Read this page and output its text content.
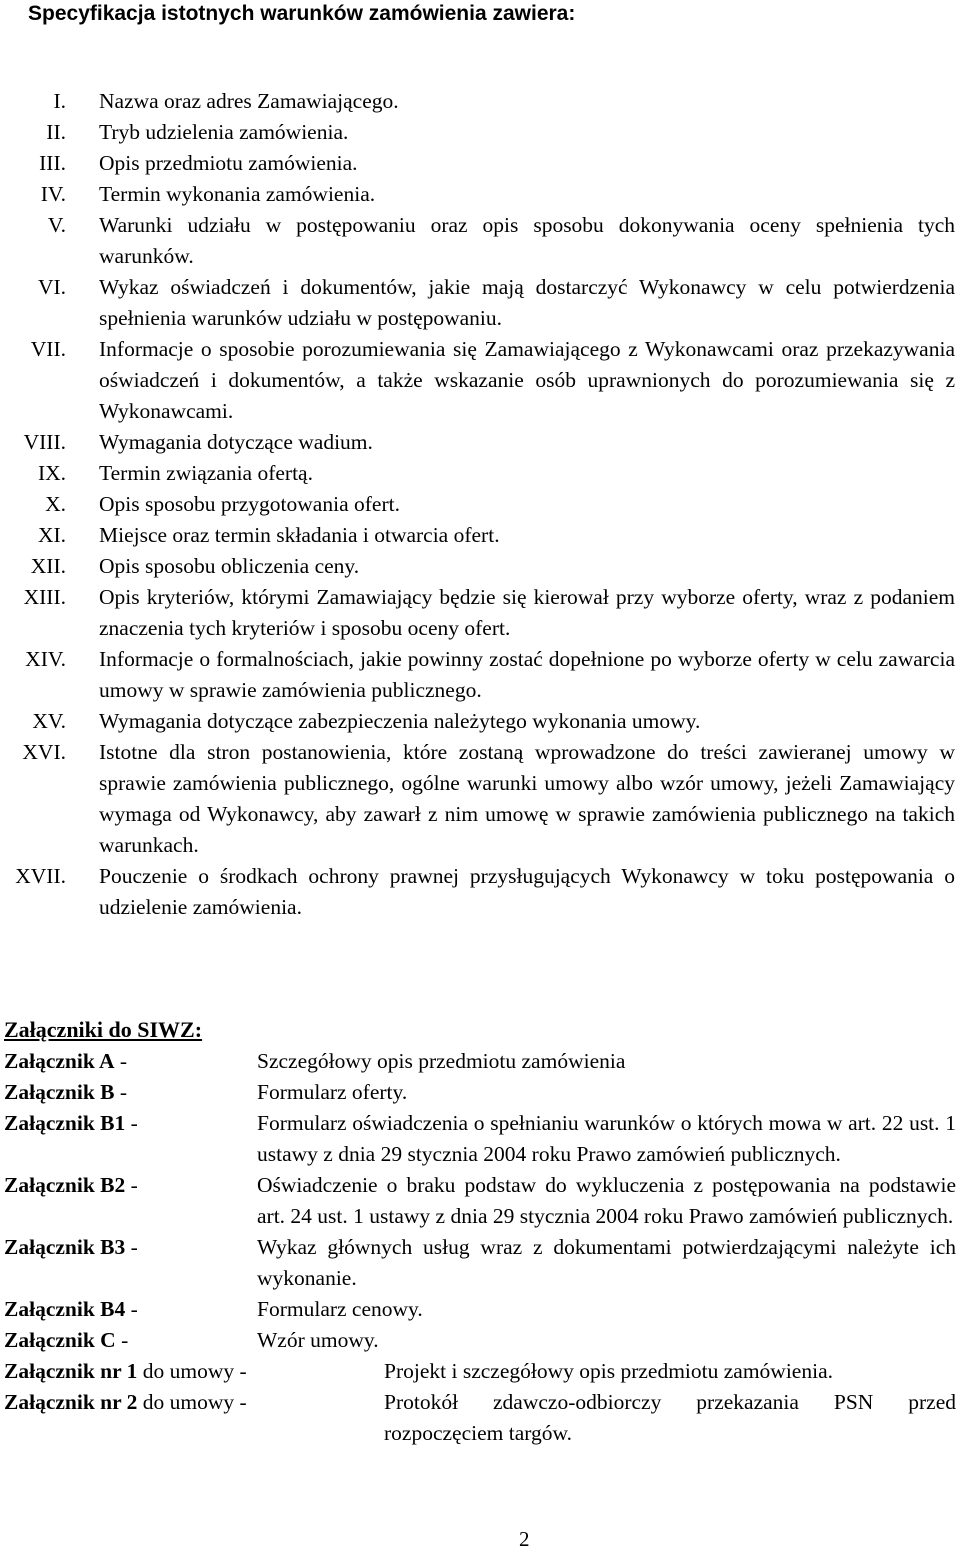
Specyfikacja istotnych warunków zamówienia zawiera:
I. Nazwa oraz adres Zamawiającego.
II. Tryb udzielenia zamówienia.
III. Opis przedmiotu zamówienia.
IV. Termin wykonania zamówienia.
V. Warunki udziału w postępowaniu oraz opis sposobu dokonywania oceny spełnienia tych warunków.
VI. Wykaz oświadczeń i dokumentów, jakie mają dostarczyć Wykonawcy w celu potwierdzenia spełnienia warunków udziału w postępowaniu.
VII. Informacje o sposobie porozumiewania się Zamawiającego z Wykonawcami oraz przekazywania oświadczeń i dokumentów, a także wskazanie osób uprawnionych do porozumiewania się z Wykonawcami.
VIII. Wymagania dotyczące wadium.
IX. Termin związania ofertą.
X. Opis sposobu przygotowania ofert.
XI. Miejsce oraz termin składania i otwarcia ofert.
XII. Opis sposobu obliczenia ceny.
XIII. Opis kryteriów, którymi Zamawiający będzie się kierował przy wyborze oferty, wraz z podaniem znaczenia tych kryteriów i sposobu oceny ofert.
XIV. Informacje o formalnościach, jakie powinny zostać dopełnione po wyborze oferty w celu zawarcia umowy w sprawie zamówienia publicznego.
XV. Wymagania dotyczące zabezpieczenia należytego wykonania umowy.
XVI. Istotne dla stron postanowienia, które zostaną wprowadzone do treści zawieranej umowy w sprawie zamówienia publicznego, ogólne warunki umowy albo wzór umowy, jeżeli Zamawiający wymaga od Wykonawcy, aby zawarł z nim umowę w sprawie zamówienia publicznego na takich warunkach.
XVII. Pouczenie o środkach ochrony prawnej przysługujących Wykonawcy w toku postępowania o udzielenie zamówienia.
Załączniki do SIWZ:
Załącznik A -	Szczegółowy opis przedmiotu zamówienia
Załącznik B -	Formularz oferty.
Załącznik B1 -	Formularz oświadczenia o spełnianiu warunków o których mowa w art. 22 ust. 1 ustawy z dnia 29 stycznia 2004 roku Prawo zamówień publicznych.
Załącznik B2 -	Oświadczenie o braku podstaw do wykluczenia z postępowania na podstawie art. 24 ust. 1 ustawy z dnia 29 stycznia 2004 roku Prawo zamówień publicznych.
Załącznik B3 -	Wykaz głównych usług wraz z dokumentami potwierdzającymi należyte ich wykonanie.
Załącznik B4 -	Formularz cenowy.
Załącznik C -	Wzór umowy.
Załącznik nr 1 do umowy -	Projekt i szczegółowy opis przedmiotu zamówienia.
Załącznik nr 2 do umowy -	Protokół zdawczo-odbiorczy przekazania PSN przed rozpoczęciem targów.
2
